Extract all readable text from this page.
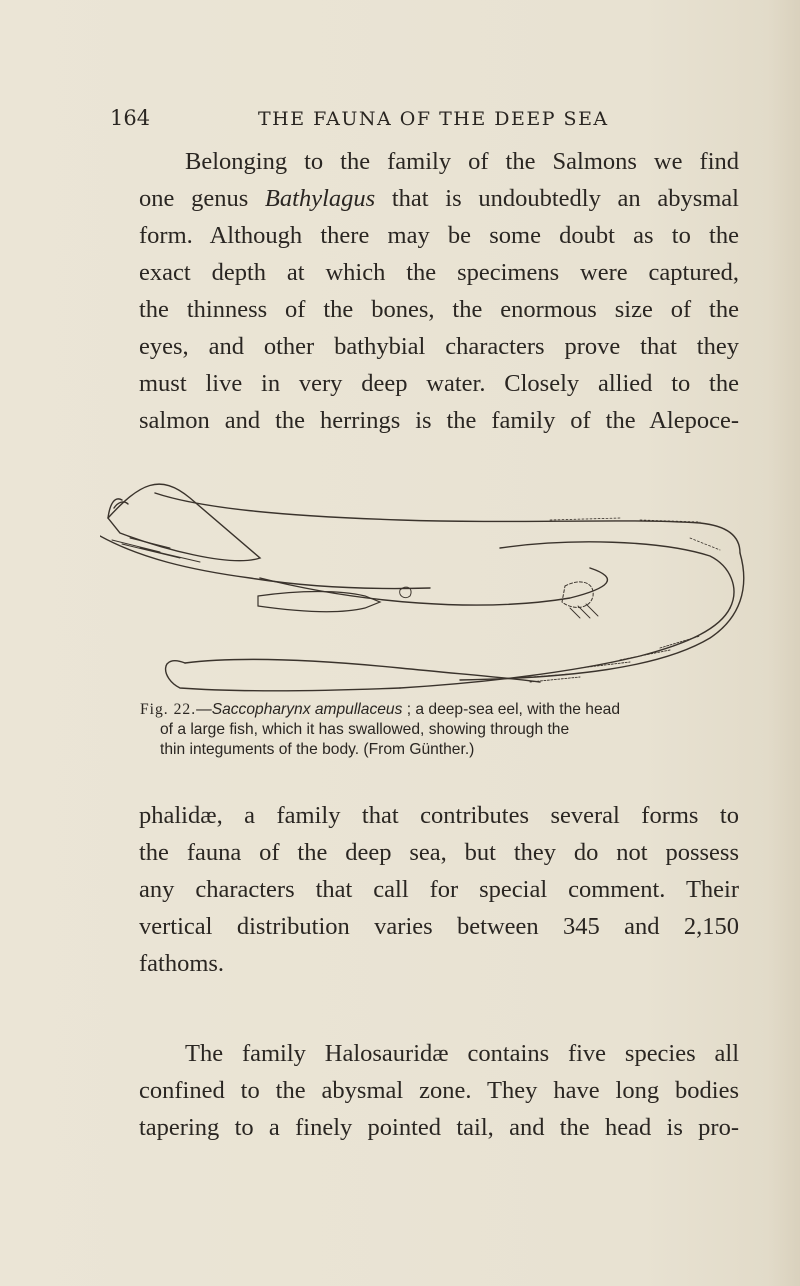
164	THE FAUNA OF THE DEEP SEA

Belonging to the family of the Salmons we find
one genus Bathylagus that is undoubtedly an abysmal
form. Although there may be some doubt as to the
exact depth at which the specimens were captured,
the thinness of the bones, the enormous size of the
eyes, and other bathybial characters prove that they
must live in very deep water. Closely allied to the
salmon and the herrings is the family of the Alepoce-

Fig. 22.—Saccopharynx ampullaceus ; a deep-sea eel, with the head
of a large fish, which it has swallowed, showing through the
thin integuments of the body. (From Günther.)

phalidæ, a family that contributes several forms to
the fauna of the deep sea, but they do not possess
any characters that call for special comment. Their
vertical distribution varies between 345 and 2,150
fathoms.

The family Halosauridæ contains five species all
confined to the abysmal zone. They have long bodies
tapering to a finely pointed tail, and the head is pro-
